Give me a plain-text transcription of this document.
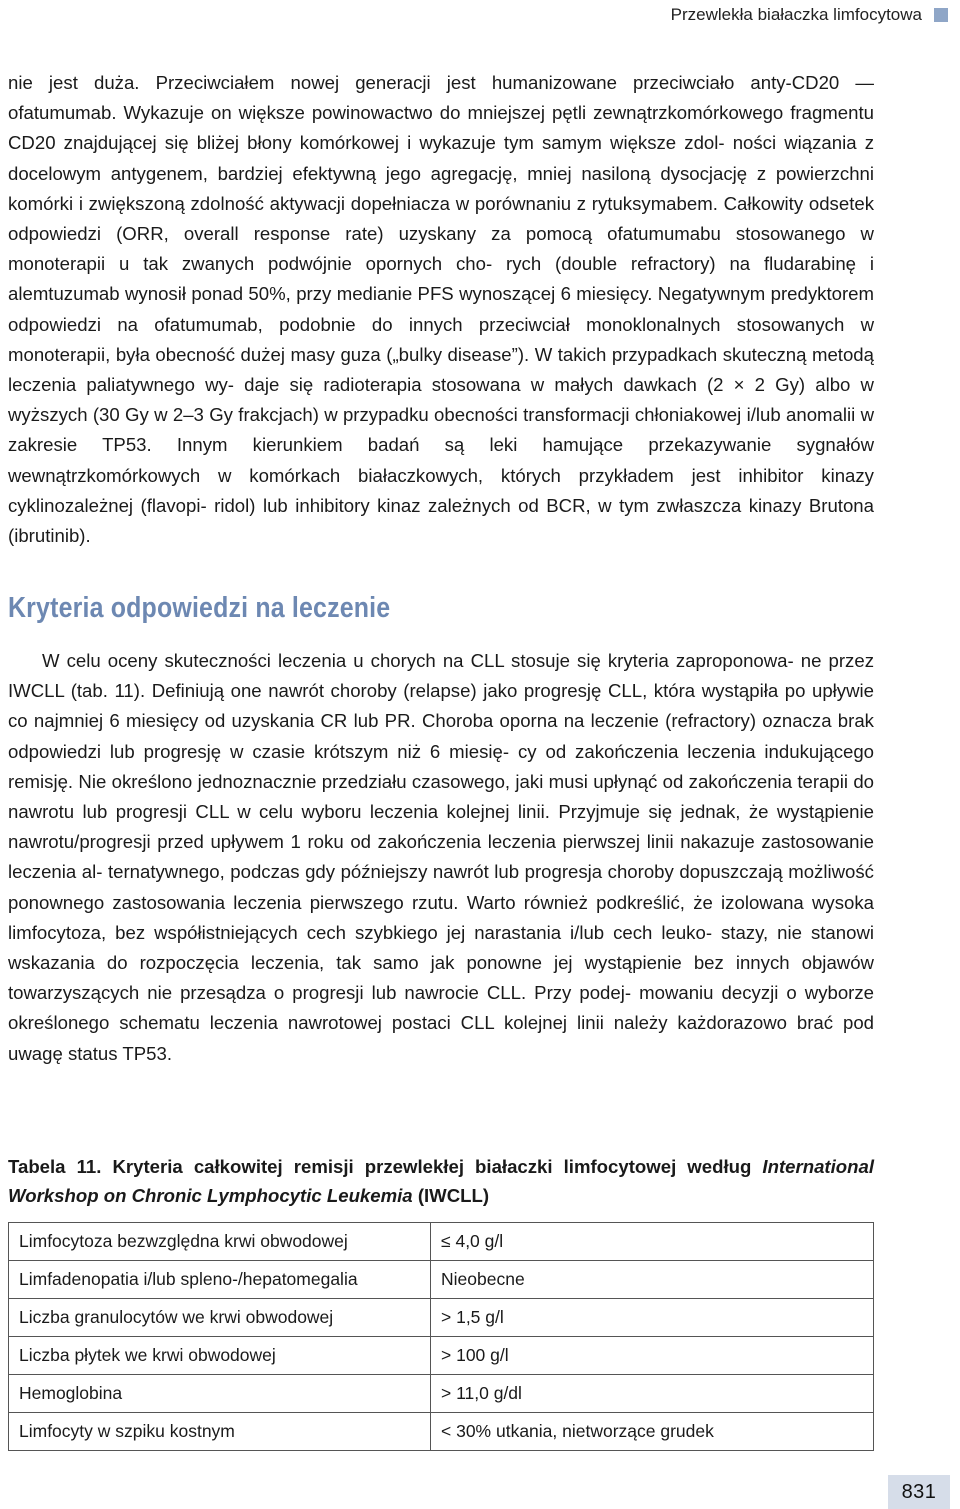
Przewlekła białaczka limfocytowa

nie jest duża. Przeciwciałem nowej generacji jest humanizowane przeciwciało anty-CD20 — ofatumumab. Wykazuje on większe powinowactwo do mniejszej pętli zewnątrzkomórkowego fragmentu CD20 znajdującej się bliżej błony komórkowej i wykazuje tym samym większe zdol- ności wiązania z docelowym antygenem, bardziej efektywną jego agregację, mniej nasiloną dysocjację z powierzchni komórki i zwiększoną zdolność aktywacji dopełniacza w porównaniu z rytuksymabem. Całkowity odsetek odpowiedzi (ORR, overall response rate) uzyskany za pomocą ofatumumabu stosowanego w monoterapii u tak zwanych podwójnie opornych cho- rych (double refractory) na fludarabinę i alemtuzumab wynosił ponad 50%, przy medianie PFS wynoszącej 6 miesięcy. Negatywnym predyktorem odpowiedzi na ofatumumab, podobnie do innych przeciwciał monoklonalnych stosowanych w monoterapii, była obecność dużej masy guza („bulky disease”). W takich przypadkach skuteczną metodą leczenia paliatywnego wy- daje się radioterapia stosowana w małych dawkach (2 × 2 Gy) albo w wyższych (30 Gy w 2–3 Gy frakcjach) w przypadku obecności transformacji chłoniakowej i/lub anomalii w zakresie TP53. Innym kierunkiem badań są leki hamujące przekazywanie sygnałów wewnątrzkomórkowych w komórkach białaczkowych, których przykładem jest inhibitor kinazy cyklinozależnej (flavopi- ridol) lub inhibitory kinaz zależnych od BCR, w tym zwłaszcza kinazy Brutona (ibrutinib).

Kryteria odpowiedzi na leczenie

W celu oceny skuteczności leczenia u chorych na CLL stosuje się kryteria zaproponowa- ne przez IWCLL (tab. 11). Definiują one nawrót choroby (relapse) jako progresję CLL, która wystąpiła po upływie co najmniej 6 miesięcy od uzyskania CR lub PR. Choroba oporna na leczenie (refractory) oznacza brak odpowiedzi lub progresję w czasie krótszym niż 6 miesię- cy od zakończenia leczenia indukującego remisję. Nie określono jednoznacznie przedziału czasowego, jaki musi upłynąć od zakończenia terapii do nawrotu lub progresji CLL w celu wyboru leczenia kolejnej linii. Przyjmuje się jednak, że wystąpienie nawrotu/progresji przed upływem 1 roku od zakończenia leczenia pierwszej linii nakazuje zastosowanie leczenia al- ternatywnego, podczas gdy późniejszy nawrót lub progresja choroby dopuszczają możliwość ponownego zastosowania leczenia pierwszego rzutu. Warto również podkreślić, że izolowana wysoka limfocytoza, bez współistniejących cech szybkiego jej narastania i/lub cech leuko- stazy, nie stanowi wskazania do rozpoczęcia leczenia, tak samo jak ponowne jej wystąpienie bez innych objawów towarzyszących nie przesądza o progresji lub nawrocie CLL. Przy podej- mowaniu decyzji o wyborze określonego schematu leczenia nawrotowej postaci CLL kolejnej linii należy każdorazowo brać pod uwagę status TP53.

Tabela 11. Kryteria całkowitej remisji przewlekłej białaczki limfocytowej według International Workshop on Chronic Lymphocytic Leukemia (IWCLL)
Limfocytoza bezwzględna krwi obwodowej	≤ 4,0 g/l
Limfadenopatia i/lub spleno-/hepatomegalia	Nieobecne
Liczba granulocytów we krwi obwodowej	> 1,5 g/l
Liczba płytek we krwi obwodowej	> 100 g/l
Hemoglobina	> 11,0 g/dl
Limfocyty w szpiku kostnym	< 30% utkania, nietworzące grudek
831
